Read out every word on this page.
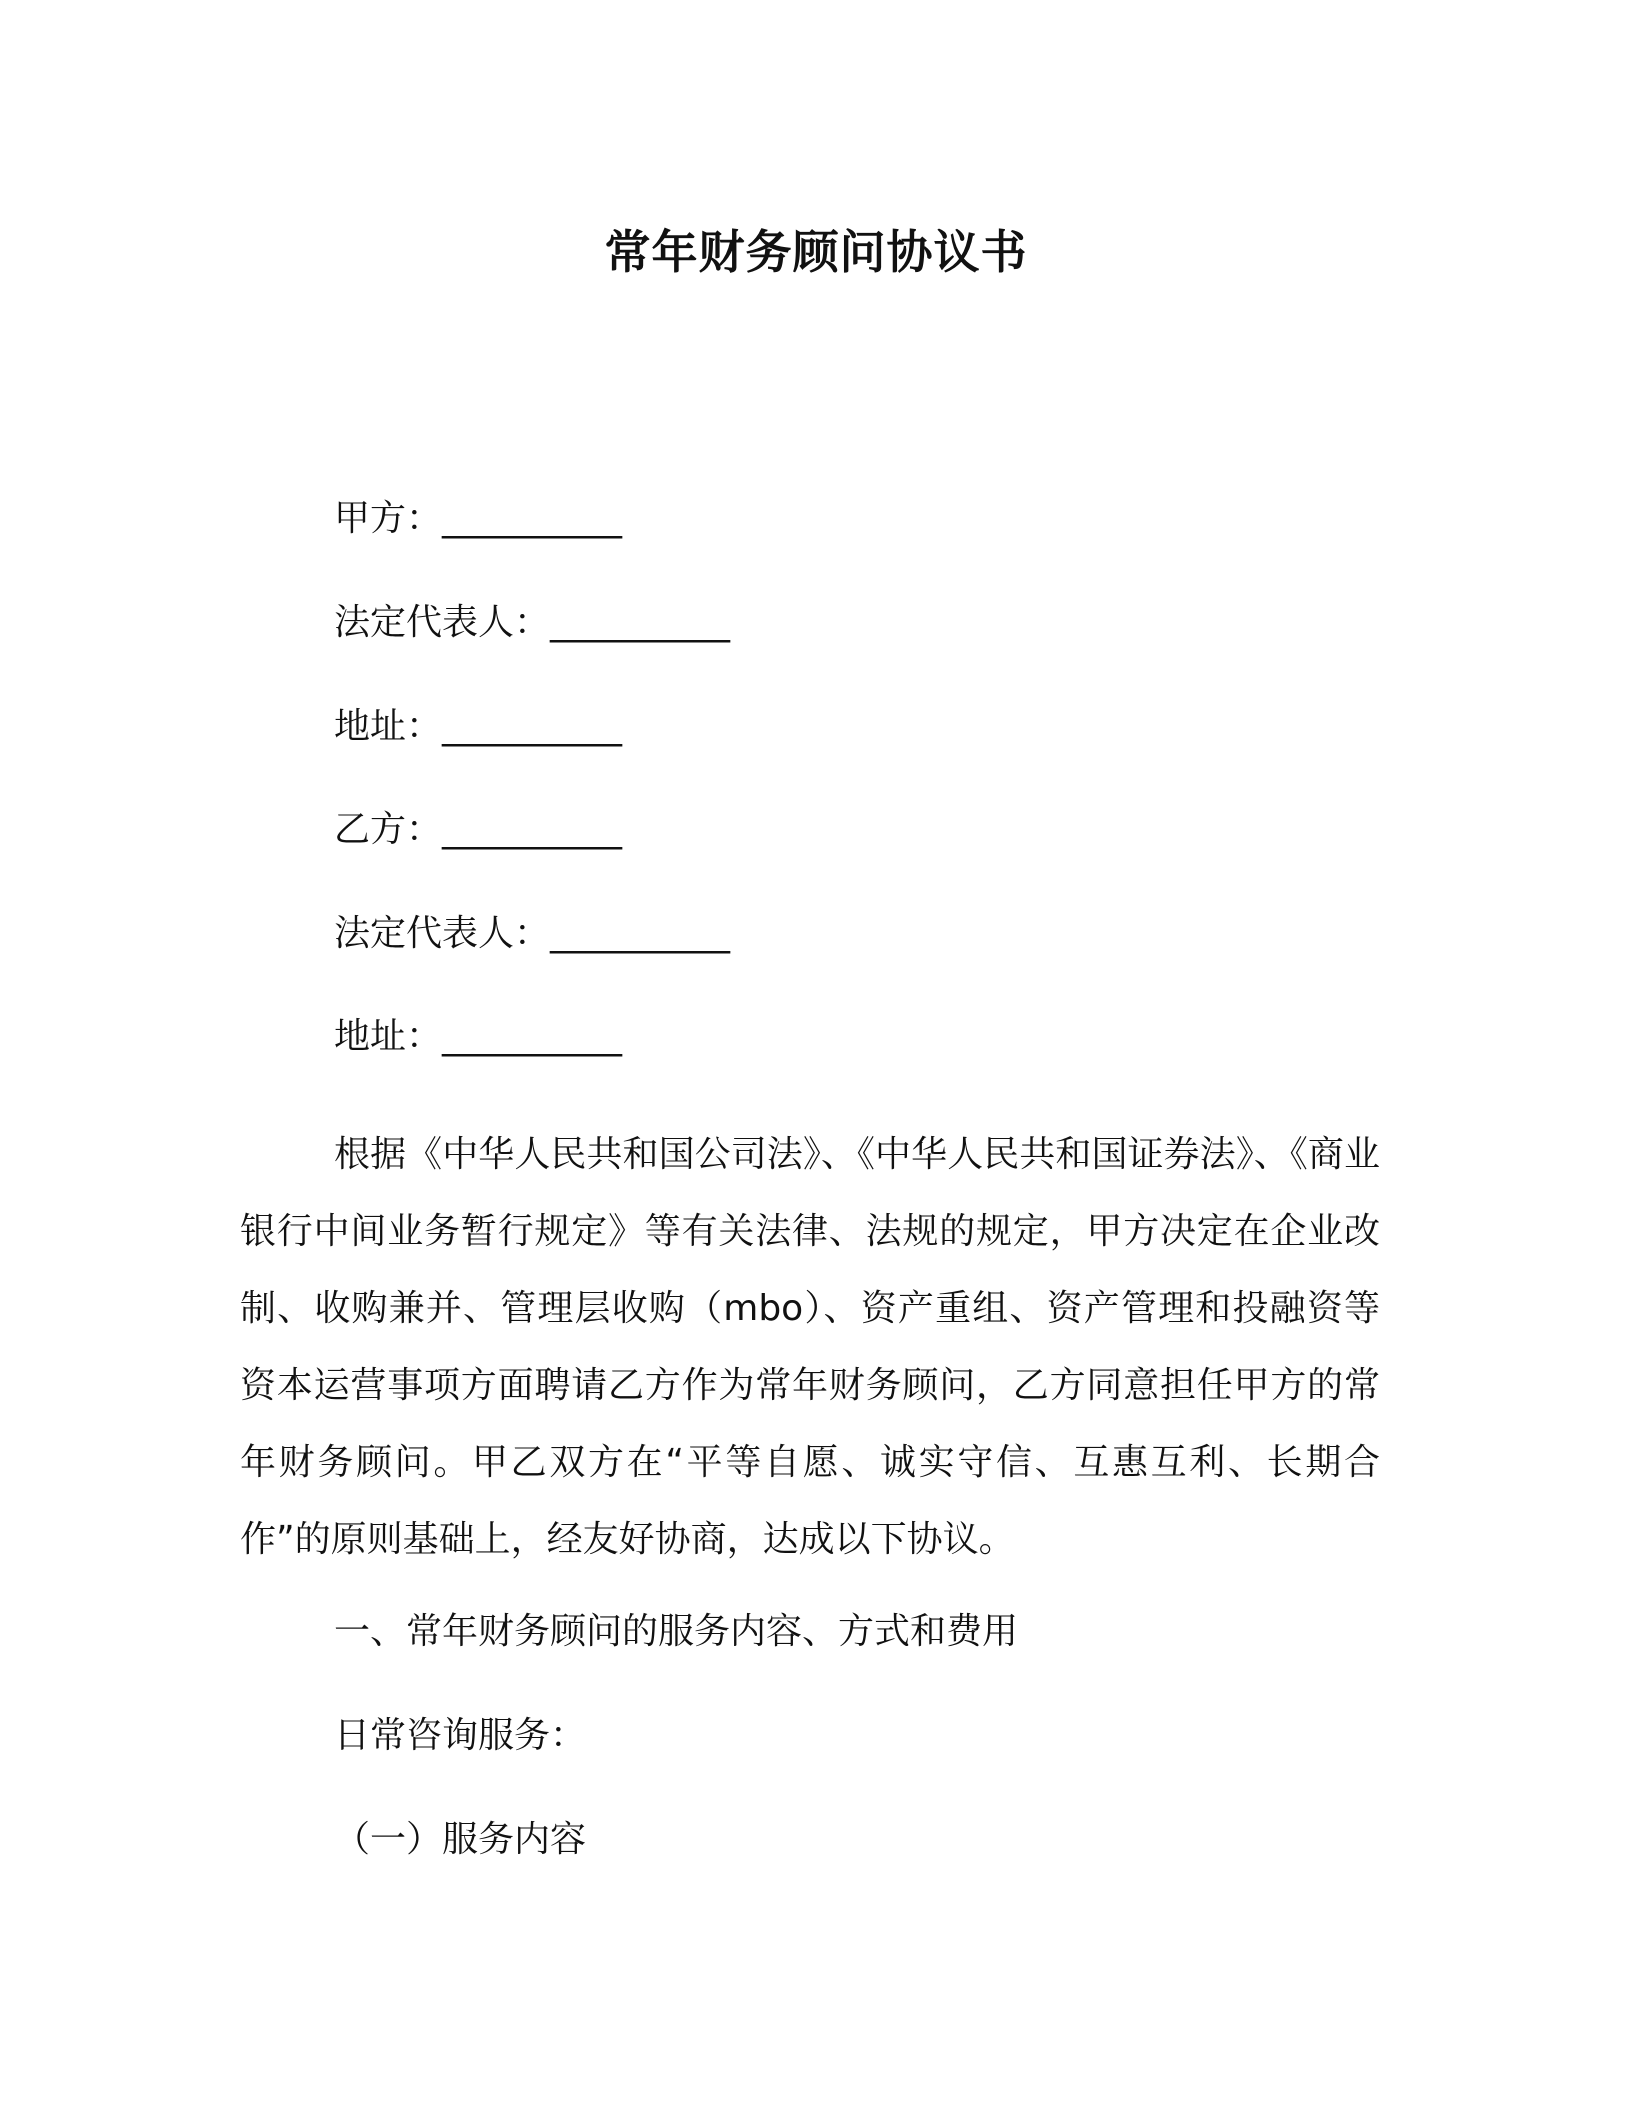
常年财务顾问协议书
甲方：__________
法定代表人：__________
地址：__________
乙方：__________
法定代表人：__________
地址：__________

根据《中华人民共和国公司法》、《中华人民共和国证券法》、《商业银行中间业务暂行规定》等有关法律、法规的规定，甲方决定在企业改制、收购兼并、管理层收购（mbo）、资产重组、资产管理和投融资等资本运营事项方面聘请乙方作为常年财务顾问，乙方同意担任甲方的常年财务顾问。甲乙双方在“平等自愿、诚实守信、互惠互利、长期合作”的原则基础上，经友好协商，达成以下协议。

一、常年财务顾问的服务内容、方式和费用
日常咨询服务：
（一）服务内容
